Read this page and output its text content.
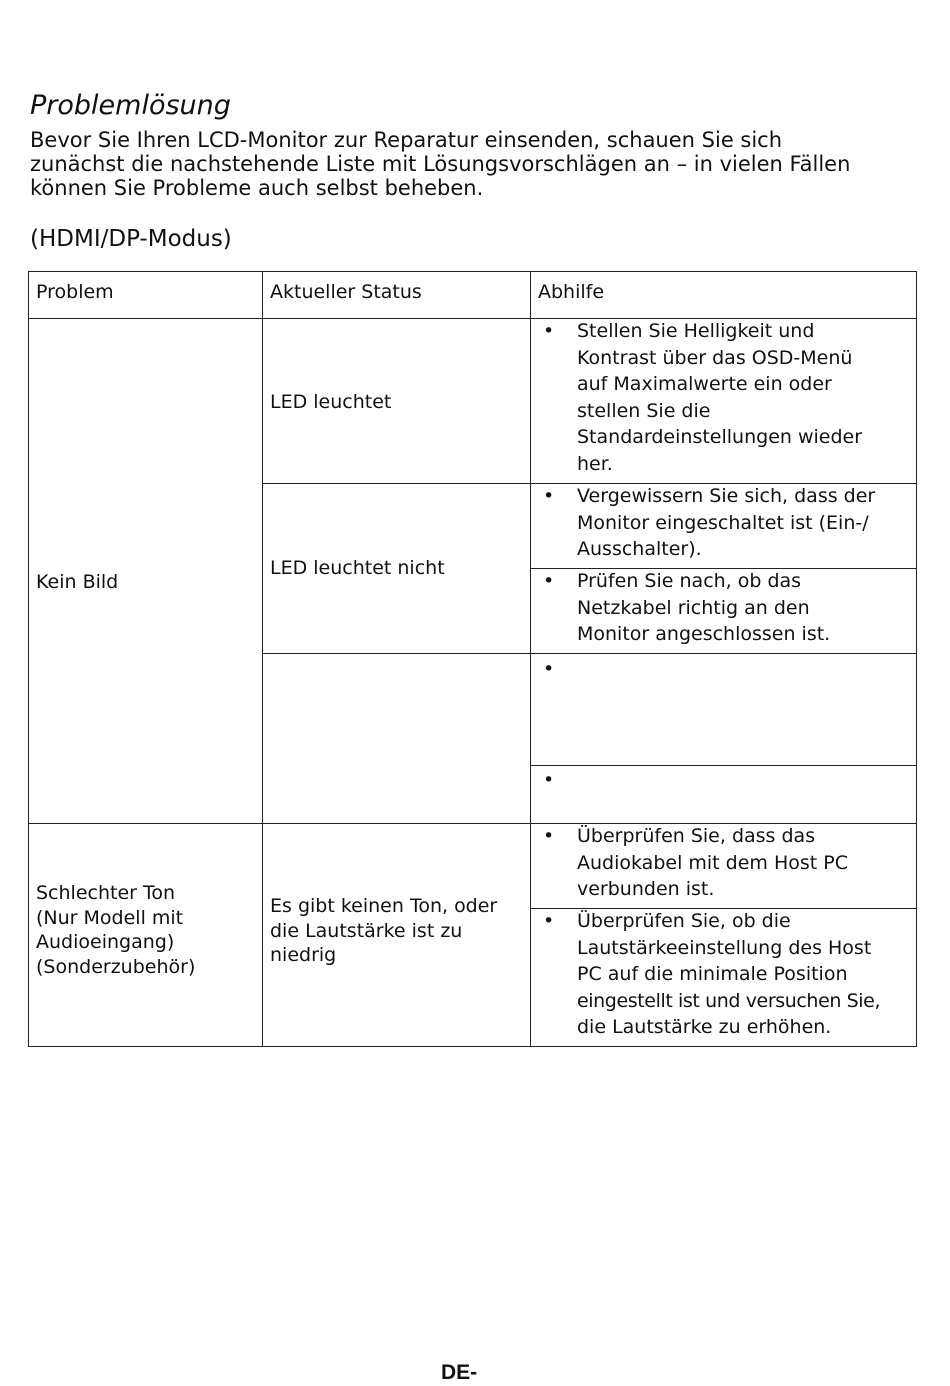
Problemlösung
Bevor Sie Ihren LCD-Monitor zur Reparatur einsenden, schauen Sie sich
zunächst die nachstehende Liste mit Lösungsvorschlägen an – in vielen Fällen
können Sie Probleme auch selbst beheben.
(HDMI/DP-Modus)
Problem	Aktueller Status	Abhilfe
Kein Bild
Schlechter Ton
(Nur Modell mit
Audioeingang)
(Sonderzubehör)
LED leuchtet
LED leuchtet nicht
Es gibt keinen Ton, oder
die Lautstärke ist zu
niedrig
• Stellen Sie Helligkeit und
Kontrast über das OSD-Menü
auf Maximalwerte ein oder
stellen Sie die
Standardeinstellungen wieder
her.
• Vergewissern Sie sich, dass der
Monitor eingeschaltet ist (Ein-/
Ausschalter).
• Prüfen Sie nach, ob das
Netzkabel richtig an den
Monitor angeschlossen ist.
•
•
• Überprüfen Sie, dass das
Audiokabel mit dem Host PC
verbunden ist.
• Überprüfen Sie, ob die
Lautstärkeeinstellung des Host
PC auf die minimale Position
eingestellt ist und versuchen Sie,
die Lautstärke zu erhöhen.
DE-
